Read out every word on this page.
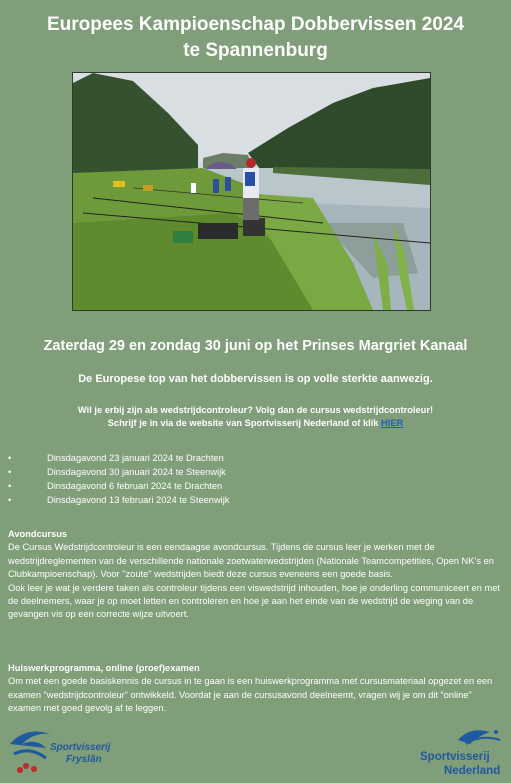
Europees Kampioenschap Dobbervissen 2024
te Spannenburg
Zaterdag 29 en zondag 30 juni op het Prinses Margriet Kanaal
De Europese top van het dobbervissen is op volle sterkte aanwezig.
Wil je erbij zijn als wedstrijdcontroleur? Volg dan de cursus wedstrijdcontroleur!
Schrijf je in via de website van Sportvisserij Nederland of klik HIER
•	Dinsdagavond 23 januari 2024 te Drachten
•	Dinsdagavond 30 januari 2024 te Steenwijk
•	Dinsdagavond 6 februari 2024 te Drachten
•	Dinsdagavond 13 februari 2024 te Steenwijk
Avondcursus

De Cursus Wedstrijdcontroleur is een eendaagse avondcursus. Tijdens de cursus leer je werken met de wedstrijdreglementen van de verschillende nationale zoetwaterwedstrijden (Nationale Teamcompetities, Open NK’s en Clubkampioenschap). Voor "zoute" wedstrijden biedt deze cursus eveneens een goede basis.

Ook leer je wat je verdere taken als controleur tijdens een viswedstrijd inhouden, hoe je onderling communiceert en met de deelnemers, waar je op moet letten en controleren en hoe je aan het einde van de wedstrijd de weging van de gevangen vis op een correcte wijze uitvoert.

Huiswerkprogramma, online (proef)examen

Om met een goede basiskennis de cursus in te gaan is een huiswerkprogramma met cursusmateriaal opgezet en een examen “wedstrijdcontroleur” ontwikkeld. Voordat je aan de cursusavond deelneemt, vragen wij je om dit “online” examen met goed gevolg af te leggen.

Sportvisserij
Fryslân	Sportvisserij
Nederland
